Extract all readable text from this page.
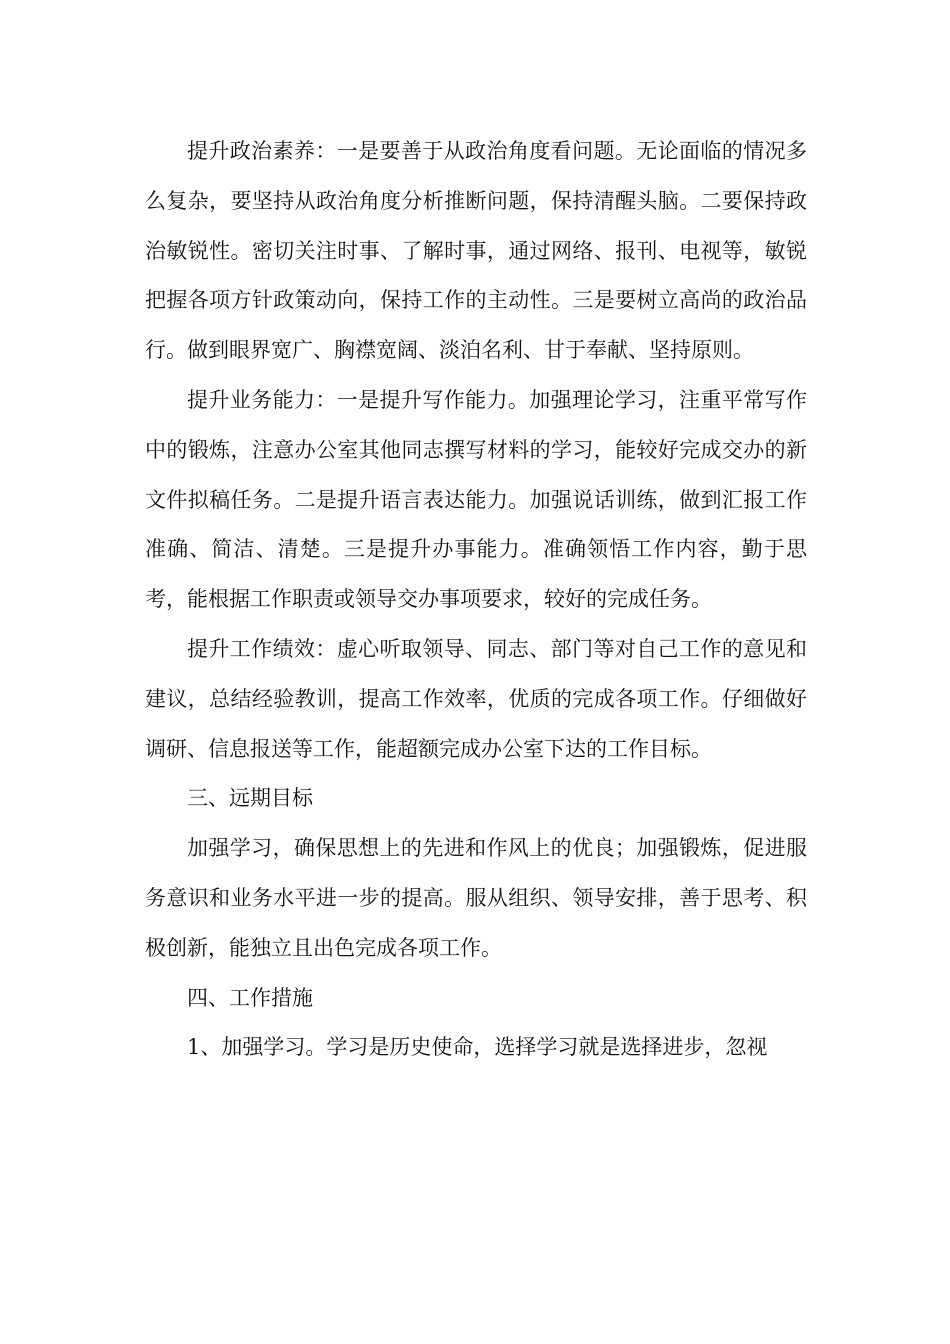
提升政治素养：一是要善于从政治角度看问题。无论面临的情况多么复杂，要坚持从政治角度分析推断问题，保持清醒头脑。二要保持政治敏锐性。密切关注时事、了解时事，通过网络、报刊、电视等，敏锐把握各项方针政策动向，保持工作的主动性。三是要树立高尚的政治品行。做到眼界宽广、胸襟宽阔、淡泊名利、甘于奉献、坚持原则。

提升业务能力：一是提升写作能力。加强理论学习，注重平常写作中的锻炼，注意办公室其他同志撰写材料的学习，能较好完成交办的新文件拟稿任务。二是提升语言表达能力。加强说话训练，做到汇报工作准确、简洁、清楚。三是提升办事能力。准确领悟工作内容，勤于思考，能根据工作职责或领导交办事项要求，较好的完成任务。

提升工作绩效：虚心听取领导、同志、部门等对自己工作的意见和建议，总结经验教训，提高工作效率，优质的完成各项工作。仔细做好调研、信息报送等工作，能超额完成办公室下达的工作目标。

三、远期目标

加强学习，确保思想上的先进和作风上的优良；加强锻炼，促进服务意识和业务水平进一步的提高。服从组织、领导安排，善于思考、积极创新，能独立且出色完成各项工作。

四、工作措施

1、加强学习。学习是历史使命，选择学习就是选择进步，忽视
